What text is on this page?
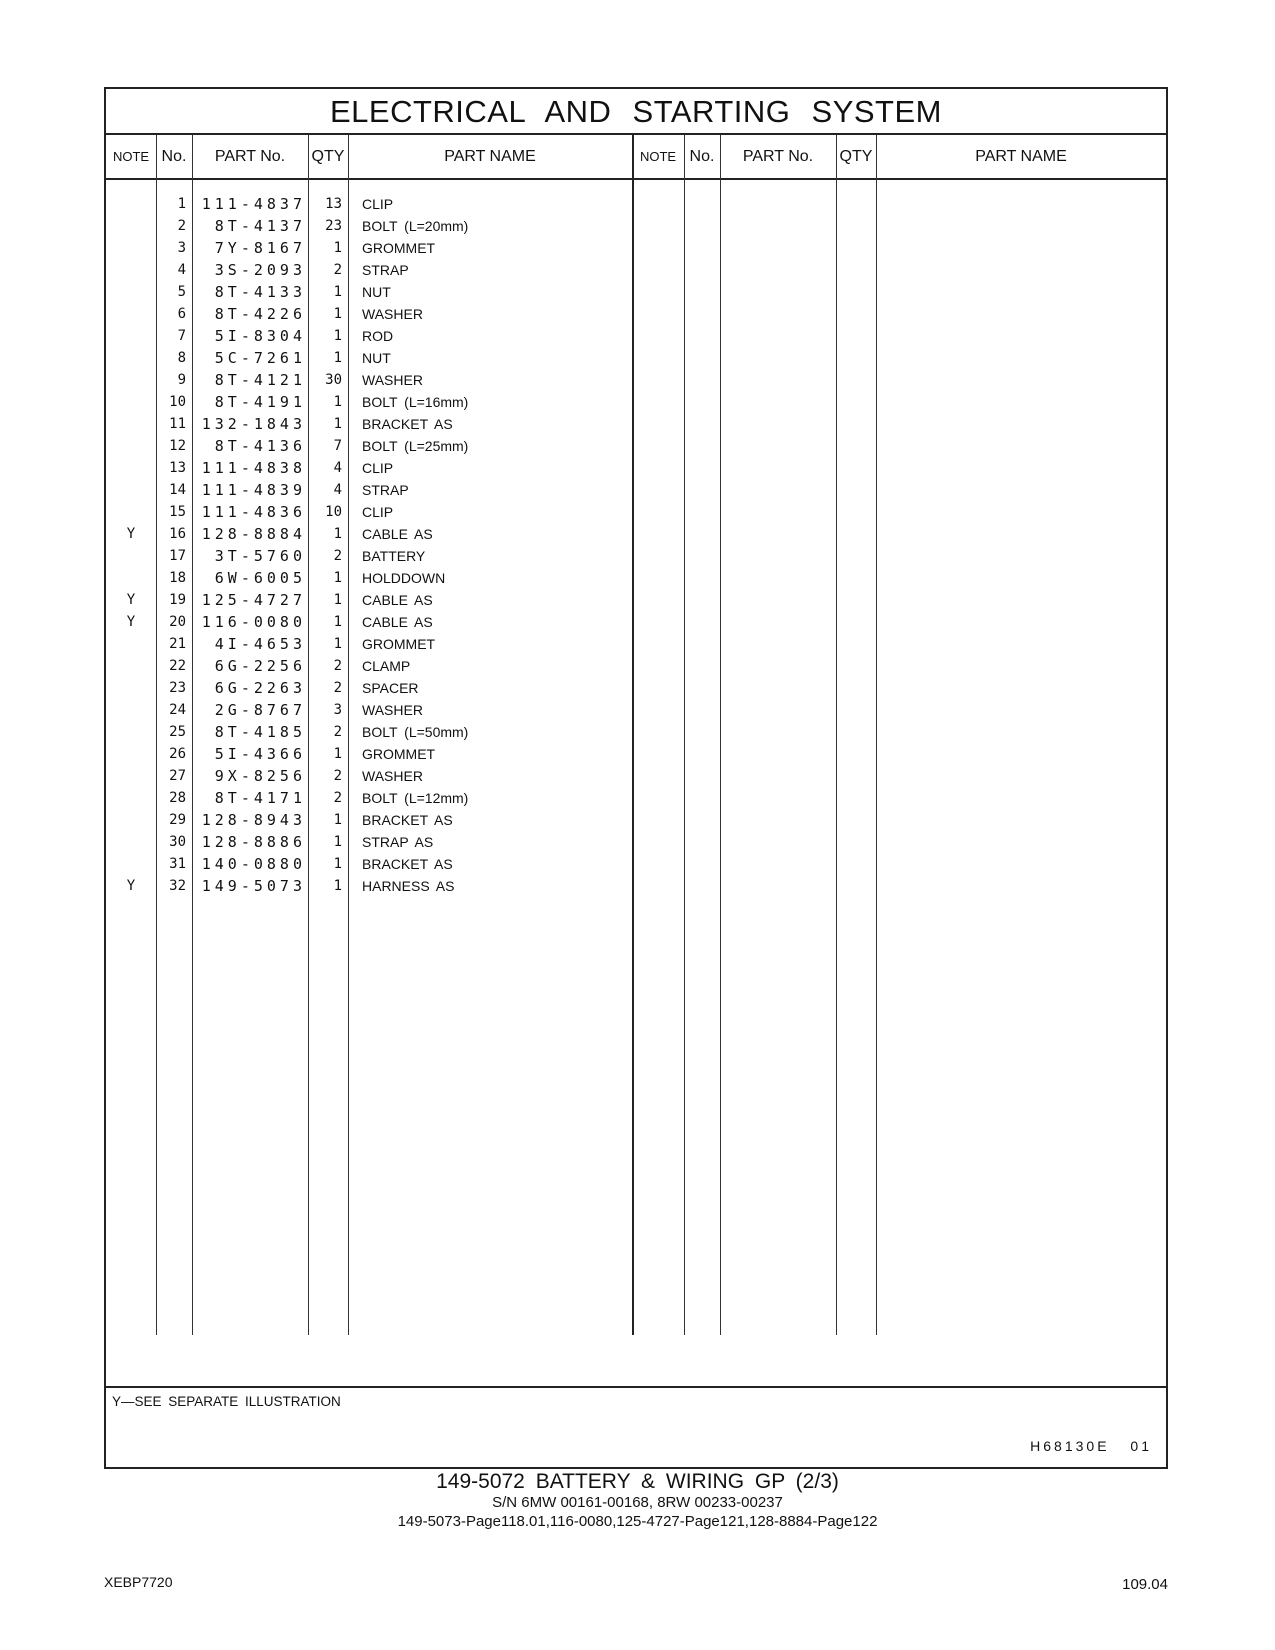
ELECTRICAL AND STARTING SYSTEM
NOTE No.	PART No.	QTY	PART NAME	NOTE No.	PART No.	QTY	PART NAME
1	111-4837	13 CLIP
2	8T-4137	23 BOLT (L=20mm)
3	7Y-8167	1 GROMMET
4	3S-2093	2 STRAP
5	8T-4133	1 NUT
6	8T-4226	1 WASHER
7	5I-8304	1 ROD
8	5C-7261	1 NUT
9	8T-4121	30 WASHER
10	8T-4191	1 BOLT (L=16mm)
11	132-1843	1 BRACKET AS
12	8T-4136	7 BOLT (L=25mm)
13	111-4838	4 CLIP
14	111-4839	4 STRAP
15	111-4836	10 CLIP
Y	16	128-8884	1 CABLE AS
17	3T-5760	2 BATTERY
18	6W-6005	1 HOLDDOWN
Y	19	125-4727	1 CABLE AS
Y	20	116-0080	1 CABLE AS
21	4I-4653	1 GROMMET
22	6G-2256	2 CLAMP
23	6G-2263	2 SPACER
24	2G-8767	3 WASHER
25	8T-4185	2 BOLT (L=50mm)
26	5I-4366	1 GROMMET
27	9X-8256	2 WASHER
28	8T-4171	2 BOLT (L=12mm)
29	128-8943	1 BRACKET AS
30	128-8886	1 STRAP AS
31	140-0880	1 BRACKET AS
Y	32	149-5073	1 HARNESS AS
Y—SEE SEPARATE ILLUSTRATION
H68130E 01
149-5072 BATTERY & WIRING GP (2/3)
S/N 6MW 00161-00168, 8RW 00233-00237
149-5073-Page118.01,116-0080,125-4727-Page121,128-8884-Page122
XEBP7720	109.04
